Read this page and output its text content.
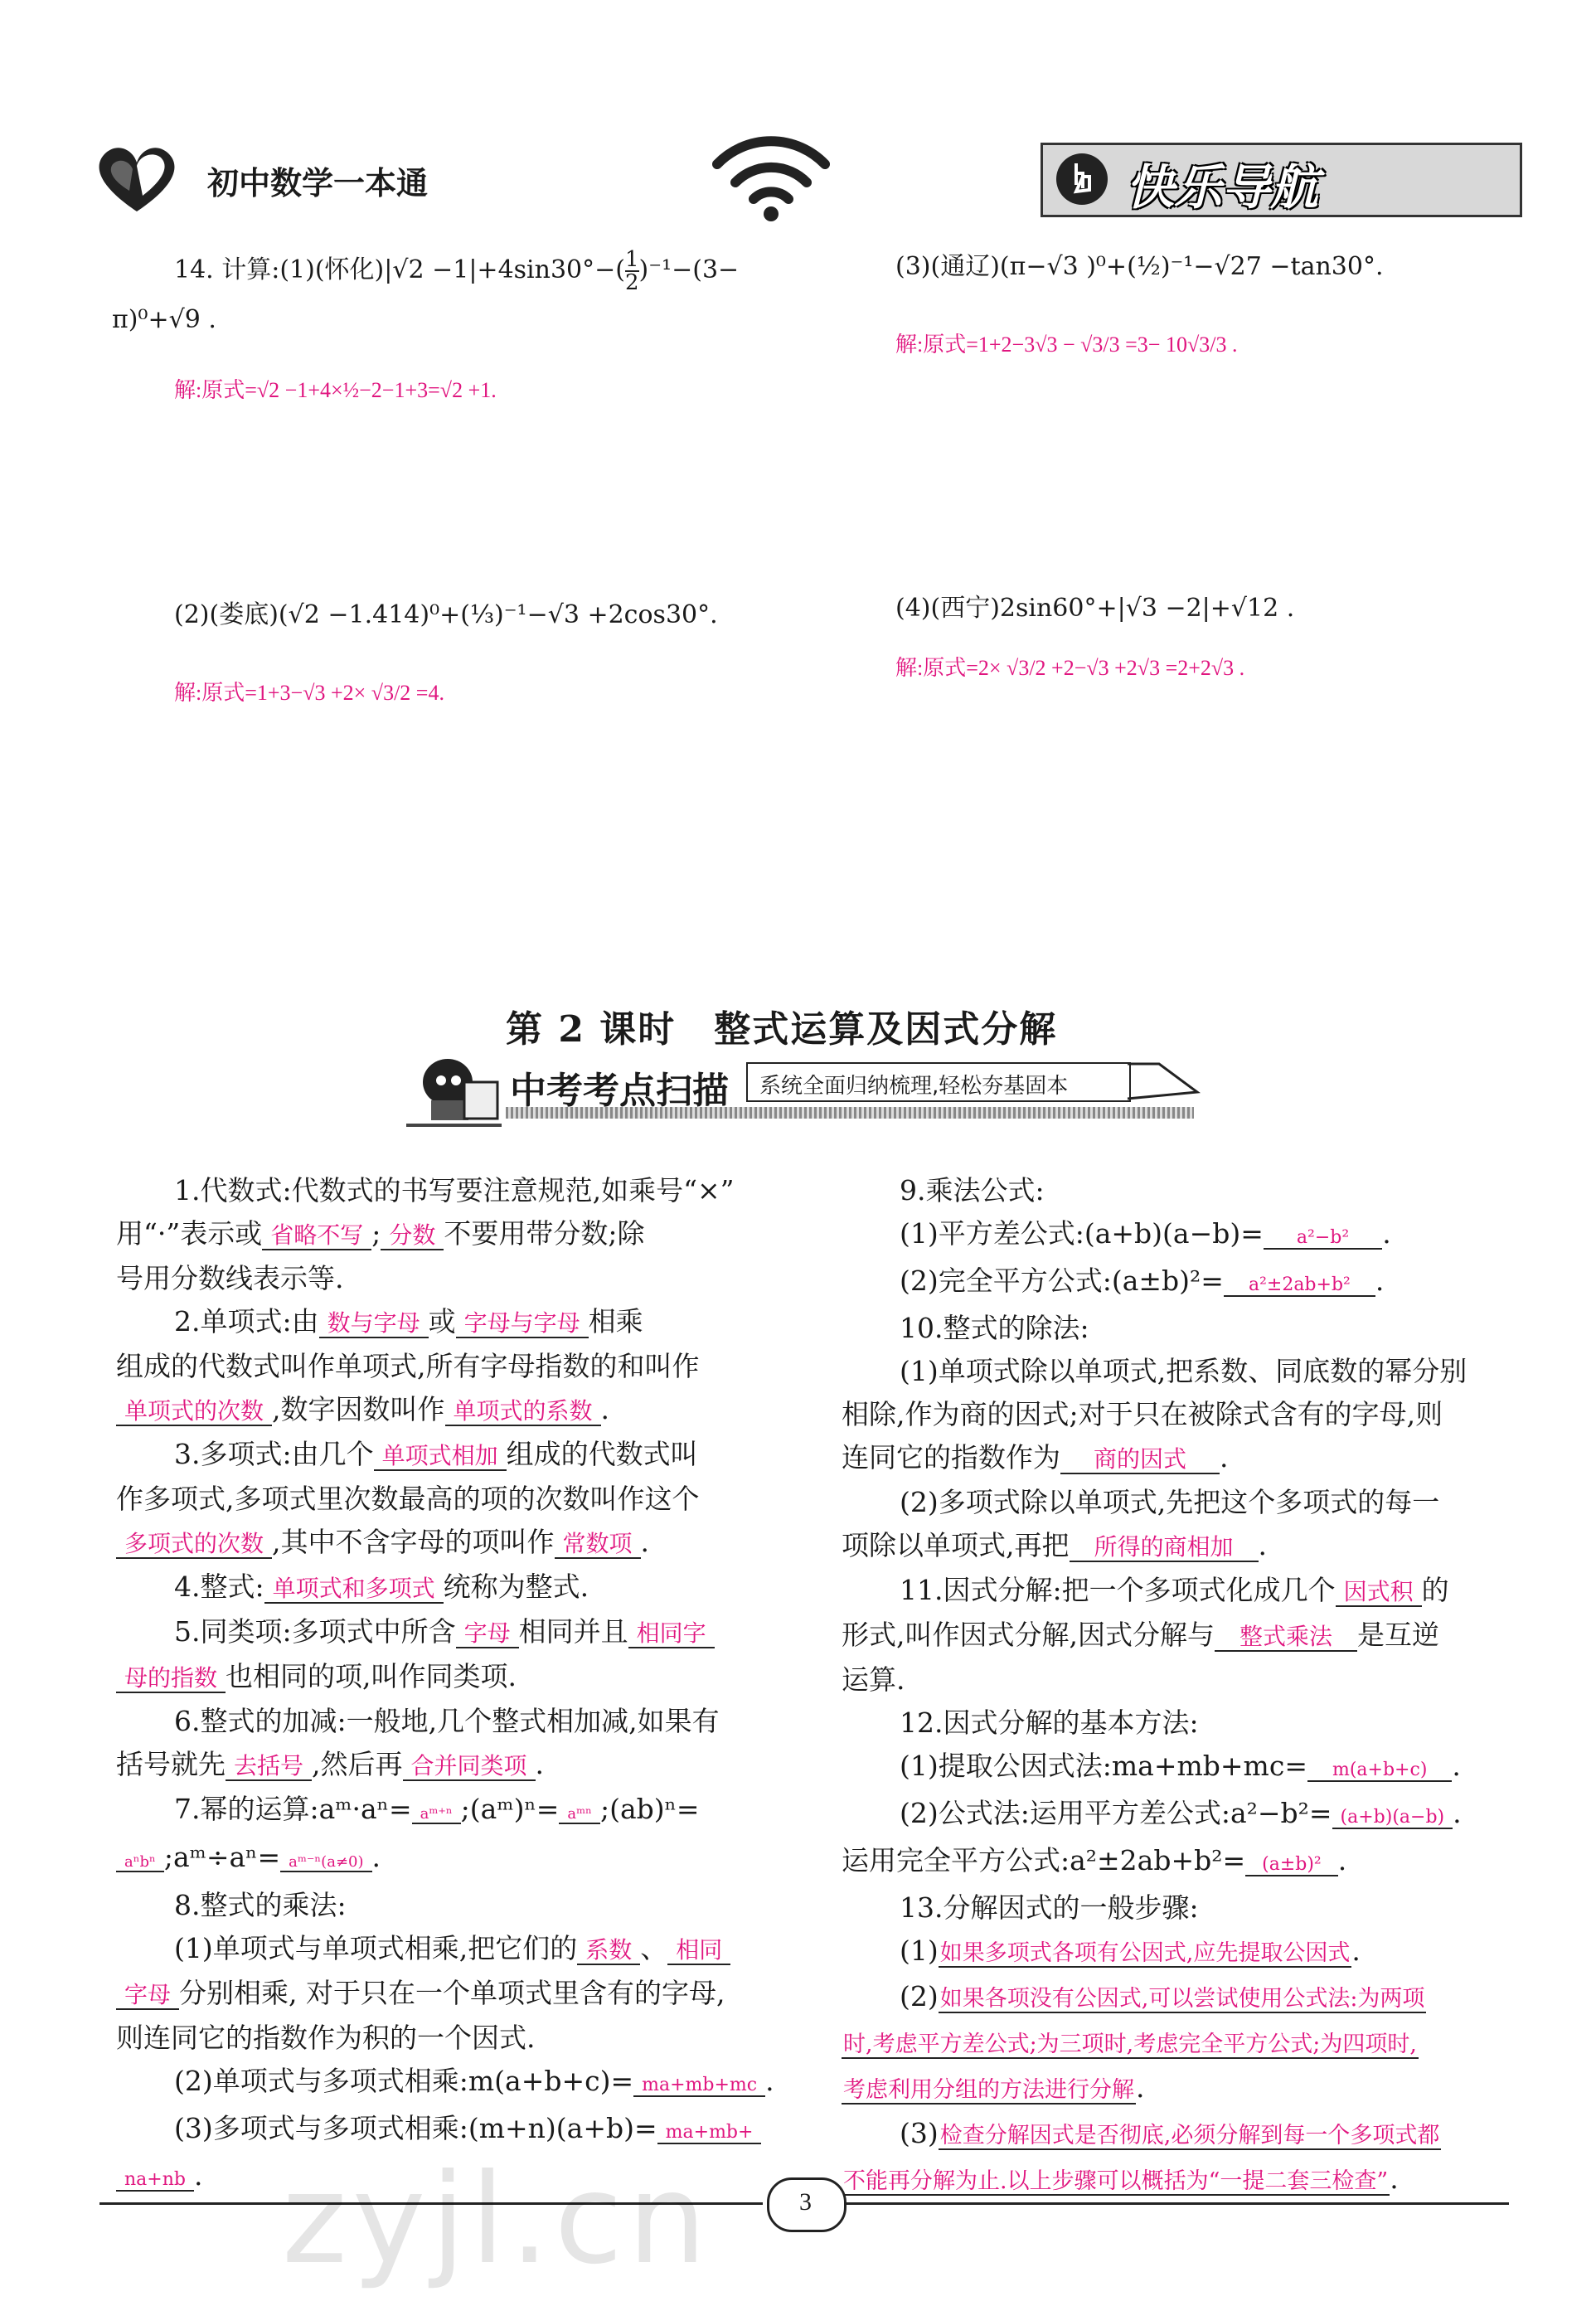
初中数学一本通	快乐导航
14. 计算:(1)(怀化)|√2 −1|+4sin30°−(1
2)⁻¹−(3−
π)⁰+√9 .
解:原式=√2 −1+4×½−2−1+3=√2 +1.
(3)(通辽)(π−√3 )⁰+(½)⁻¹−√27 −tan30°.
解:原式=1+2−3√3 − √3/3 =3− 10√3/3 .
(2)(娄底)(√2 −1.414)⁰+(⅓)⁻¹−√3 +2cos30°.
解:原式=1+3−√3 +2× √3/2 =4.
(4)(西宁)2sin60°+|√3 −2|+√12 .
解:原式=2× √3/2 +2−√3 +2√3 =2+2√3 .
第 2 课时　整式运算及因式分解
中考考点扫描 系统全面归纳梳理,轻松夯基固本
1.代数式:代数式的书写要注意规范,如乘号“×”
用“·”表示或 省略不写 ; 分数 不要用带分数;除
号用分数线表示等.
2.单项式:由 数与字母 或 字母与字母 相乘
组成的代数式叫作单项式,所有字母指数的和叫作
单项式的次数 ,数字因数叫作 单项式的系数 .
3.多项式:由几个 单项式相加 组成的代数式叫
作多项式,多项式里次数最高的项的次数叫作这个
多项式的次数 ,其中不含字母的项叫作 常数项 .
4.整式: 单项式和多项式 统称为整式.
5.同类项:多项式中所含 字母 相同并且 相同字
母的指数 也相同的项,叫作同类项.
6.整式的加减:一般地,几个整式相加减,如果有
括号就先 去括号 ,然后再 合并同类项 .
7.幂的运算:aᵐ·aⁿ= aᵐ⁺ⁿ ;(aᵐ)ⁿ= aᵐⁿ ;(ab)ⁿ=
aⁿbⁿ ;aᵐ÷aⁿ= aᵐ⁻ⁿ(a≠0) .
8.整式的乘法:
(1)单项式与单项式相乘,把它们的 系数 、 相同
字母 分别相乘, 对于只在一个单项式里含有的字母,
则连同它的指数作为积的一个因式.
(2)单项式与多项式相乘:m(a+b+c)= ma+mb+mc .
(3)多项式与多项式相乘:(m+n)(a+b)= ma+mb+
na+nb .
9.乘法公式:
(1)平方差公式:(a+b)(a−b)= a²−b² .
(2)完全平方公式:(a±b)²= a²±2ab+b² .
10.整式的除法:
(1)单项式除以单项式,把系数、同底数的幂分别
相除,作为商的因式;对于只在被除式含有的字母,则
连同它的指数作为 商的因式 .
(2)多项式除以单项式,先把这个多项式的每一
项除以单项式,再把 所得的商相加 .
11.因式分解:把一个多项式化成几个 因式积 的
形式,叫作因式分解,因式分解与 整式乘法 是互逆
运算.
12.因式分解的基本方法:
(1)提取公因式法:ma+mb+mc= m(a+b+c) .
(2)公式法:运用平方差公式:a²−b²= (a+b)(a−b) .
运用完全平方公式:a²±2ab+b²= (a±b)² .
13.分解因式的一般步骤:
(1)如果多项式各项有公因式,应先提取公因式.
(2)如果各项没有公因式,可以尝试使用公式法:为两项
时,考虑平方差公式;为三项时,考虑完全平方公式;为四项时,
考虑利用分组的方法进行分解.
(3)检查分解因式是否彻底,必须分解到每一个多项式都
不能再分解为止.以上步骤可以概括为“一提二套三检查”.
3
zyjl.cn
